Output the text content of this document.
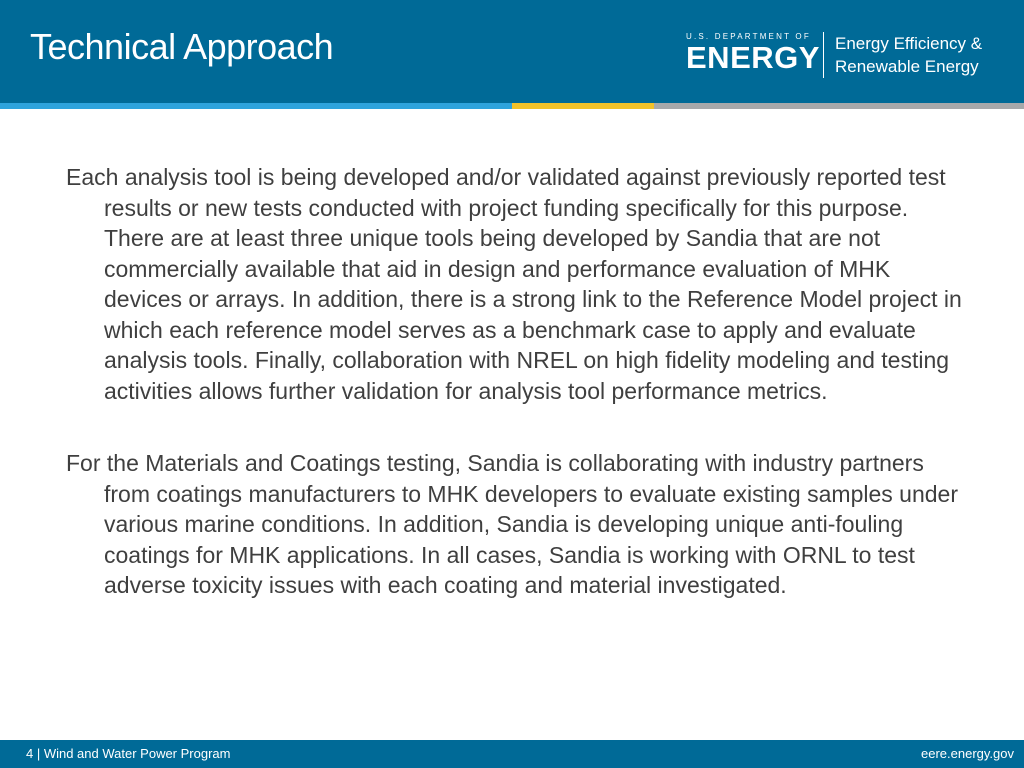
Technical Approach	U.S. DEPARTMENT OF
ENERGY Energy Efficiency &
Renewable Energy

Each analysis tool is being developed and/or validated against previously reported test results or new tests conducted with project funding specifically for this purpose. There are at least three unique tools being developed by Sandia that are not commercially available that aid in design and performance evaluation of MHK devices or arrays. In addition, there is a strong link to the Reference Model project in which each reference model serves as a benchmark case to apply and evaluate analysis tools. Finally, collaboration with NREL on high fidelity modeling and testing activities allows further validation for analysis tool performance metrics.

For the Materials and Coatings testing, Sandia is collaborating with industry partners from coatings manufacturers to MHK developers to evaluate existing samples under various marine conditions. In addition, Sandia is developing unique anti-fouling coatings for MHK applications. In all cases, Sandia is working with ORNL to test adverse toxicity issues with each coating and material investigated.

4 | Wind and Water Power Program	eere.energy.gov
